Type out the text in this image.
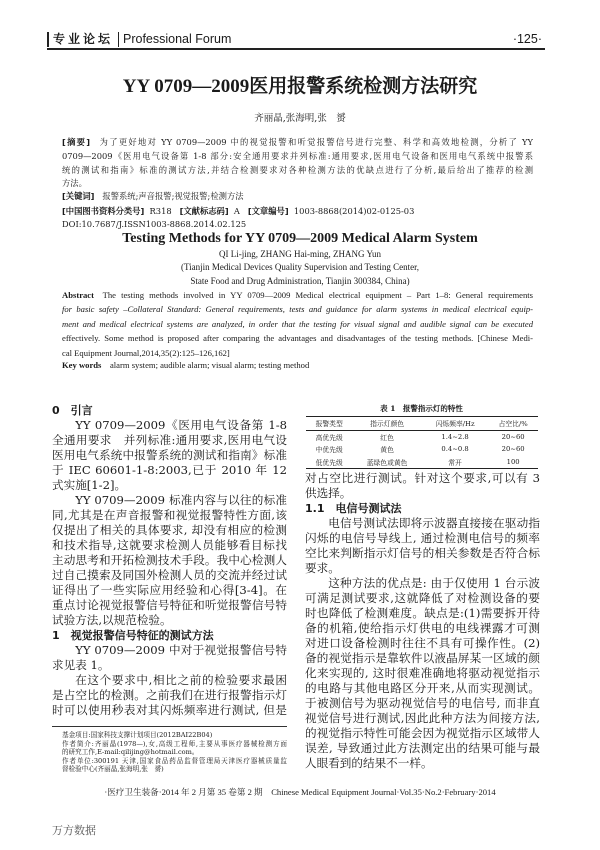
专业论坛 Professional Forum	·125·
YY 0709—2009医用报警系统检测方法研究
齐丽晶,张海明,张　赟
[摘要]  为了更好地对 YY 0709—2009 中的视觉报警和听觉报警信号进行完整、科学和高效地检测，分析了 YY
0709—2009《医用电气设备第 1-8 部分:安全通用要求并列标准:通用要求,医用电气设备和医用电气系统中报警系
统的测试和指南》标准的测试方法,并结合检测要求对各种检测方法的优缺点进行了分析,最后给出了推荐的检测
方法。
[关键词] 报警系统;声音报警;视觉报警;检测方法
[中国图书资料分类号] R318 [文献标志码] A [文章编号] 1003-8868(2014)02-0125-03
DOI:10.7687/J.ISSN1003-8868.2014.02.125
Testing Methods for YY 0709—2009 Medical Alarm System
QI Li-jing, ZHANG Hai-ming, ZHANG Yun
(Tianjin Medical Devices Quality Supervision and Testing Center,
State Food and Drug Administration, Tianjin 300384, China)
Abstract  The testing methods involved in YY 0709—2009 Medical electrical equipment – Part 1–8: General requirements
for basic safety –Collateral Standard: General requirements, tests and guidance for alarm systems in medical electrical equip-
ment and medical electrical systems are analyzed, in order that the testing for visual signal and audible signal can be executed
effectively. Some method is proposed after comparing the advantages and disadvantages of the testing methods. [Chinese Medi-
cal Equipment Journal,2014,35(2):125–126,162]
Key words alarm system; audible alarm; visual alarm; testing method
0　引言
YY 0709—2009《医用电气设备第 1-8
全通用要求　并列标准:通用要求,医用电气设
医用电气系统中报警系统的测试和指南》标准
于 IEC 60601-1-8:2003,已于 2010 年 12
式实施[1-2]。
YY 0709—2009 标准内容与以往的标准
同,尤其是在声音报警和视觉报警特性方面,该
仅提出了相关的具体要求, 却没有相应的检测
和技术指导,这就要求检测人员能够看目标找
主动思考和开拓检测技术手段。我中心检测人
过自己摸索及同国外检测人员的交流并经过试
证得出了一些实际应用经验和心得[3-4]。在
重点讨论视觉报警信号特征和听觉报警信号特
试验方法,以规范检验。
1　视觉报警信号特征的测试方法
YY 0709—2009 中对于视觉报警信号特
求见表 1。
在这个要求中,相比之前的检验要求最困
是占空比的检测。之前我们在进行报警指示灯
时可以使用秒表对其闪烁频率进行测试, 但是
表 1　报警指示灯的特性
报警类型	指示灯颜色	闪烁频率/Hz	占空比/%
高优先级	红色	1.4~2.8	20~60
中优先级	黄色	0.4~0.8	20~60
低优先级	蓝绿色或黄色	常开	100
对占空比进行测试。针对这个要求,可以有 3
供选择。
1.1　电信号测试法
电信号测试法即将示波器直接接在驱动指
闪烁的电信号导线上, 通过检测电信号的频率
空比来判断指示灯信号的相关参数是否符合标
要求。
这种方法的优点是: 由于仅使用 1 台示波
可满足测试要求,这就降低了对检测设备的要
时也降低了检测难度。缺点是:(1)需要拆开待
备的机箱,使给指示灯供电的电线裸露才可测
对进口设备检测时往往不具有可操作性。(2)
备的视觉指示是靠软件以液晶屏某一区域的颜
化来实现的, 这时很难准确地将驱动视觉指示
的电路与其他电路区分开来,从而实现测试。
于被测信号为驱动视觉信号的电信号, 而非直
视觉信号进行测试,因此此种方法为间接方法,
的视觉指示特性可能会因为视觉指示区域带人
误差, 导致通过此方法测定出的结果可能与最
人眼看到的结果不一样。
基金项目:国家科技支撑计划项目(2012BAI22B04)
作者简介:齐丽晶(1978—),女,高级工程师,主要从事医疗器械检测方面
的研究工作,E-mail:qilijing@hotmail.com。
作者单位:300191 天津,国家食品药品监督管理局天津医疗器械质量监
督检验中心(齐丽晶,张海明,张　赟)
·医疗卫生装备·2014 年 2 月第 35 卷第 2 期　Chinese Medical Equipment Journal·Vol.35·No.2·February·2014
万方数据
